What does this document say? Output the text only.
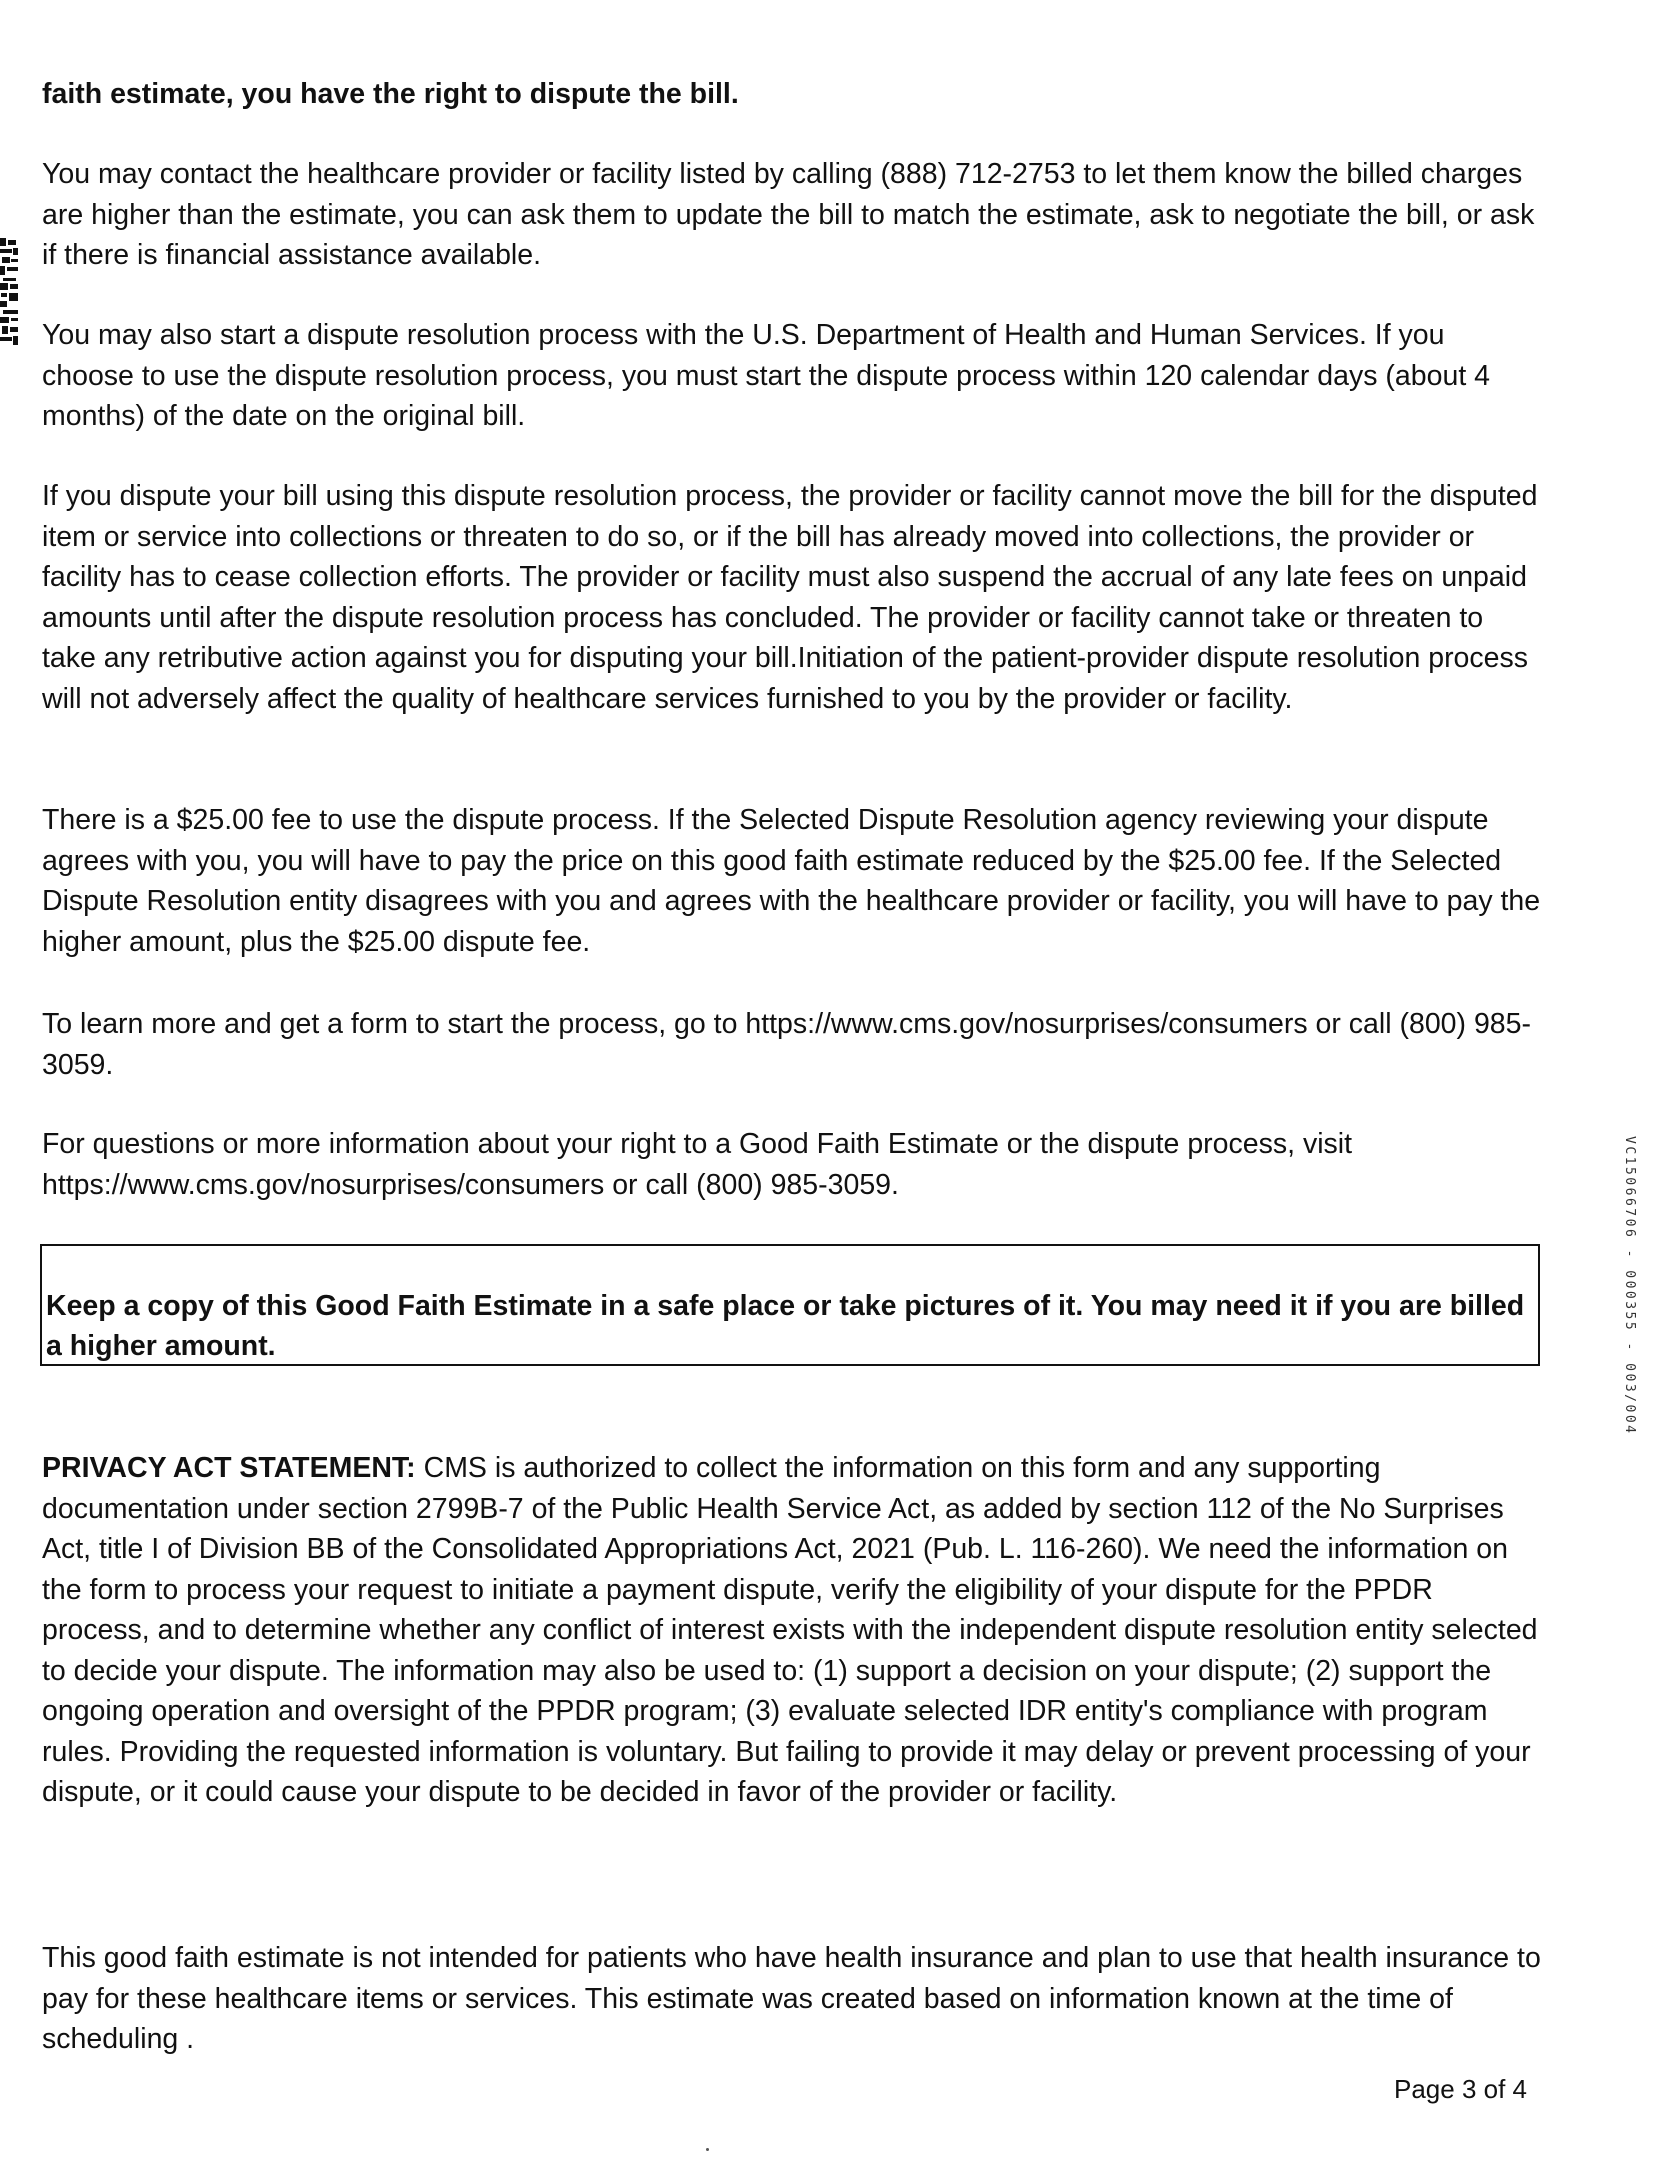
faith estimate, you have the right to dispute the bill.

You may contact the healthcare provider or facility listed by calling (888) 712-2753 to let them know the billed charges are higher than the estimate, you can ask them to update the bill to match the estimate, ask to negotiate the bill, or ask if there is financial assistance available.

You may also start a dispute resolution process with the U.S. Department of Health and Human Services. If you choose to use the dispute resolution process, you must start the dispute process within 120 calendar days (about 4 months) of the date on the original bill.

If you dispute your bill using this dispute resolution process, the provider or facility cannot move the bill for the disputed item or service into collections or threaten to do so, or if the bill has already moved into collections, the provider or facility has to cease collection efforts. The provider or facility must also suspend the accrual of any late fees on unpaid amounts until after the dispute resolution process has concluded. The provider or facility cannot take or threaten to take any retributive action against you for disputing your bill.Initiation of the patient-provider dispute resolution process will not adversely affect the quality of healthcare services furnished to you by the provider or facility.

There is a $25.00 fee to use the dispute process. If the Selected Dispute Resolution agency reviewing your dispute agrees with you, you will have to pay the price on this good faith estimate reduced by the $25.00 fee. If the Selected Dispute Resolution entity disagrees with you and agrees with the healthcare provider or facility, you will have to pay the higher amount, plus the $25.00 dispute fee.

To learn more and get a form to start the process, go to https://www.cms.gov/nosurprises/consumers or call (800) 985-3059.

For questions or more information about your right to a Good Faith Estimate or the dispute process, visit https://www.cms.gov/nosurprises/consumers or call (800) 985-3059.

Keep a copy of this Good Faith Estimate in a safe place or take pictures of it. You may need it if you are billed a higher amount.

PRIVACY ACT STATEMENT: CMS is authorized to collect the information on this form and any supporting documentation under section 2799B-7 of the Public Health Service Act, as added by section 112 of the No Surprises Act, title I of Division BB of the Consolidated Appropriations Act, 2021 (Pub. L. 116-260). We need the information on the form to process your request to initiate a payment dispute, verify the eligibility of your dispute for the PPDR process, and to determine whether any conflict of interest exists with the independent dispute resolution entity selected to decide your dispute. The information may also be used to: (1) support a decision on your dispute; (2) support the ongoing operation and oversight of the PPDR program; (3) evaluate selected IDR entity's compliance with program rules. Providing the requested information is voluntary. But failing to provide it may delay or prevent processing of your dispute, or it could cause your dispute to be decided in favor of the provider or facility.

This good faith estimate is not intended for patients who have health insurance and plan to use that health insurance to pay for these healthcare items or services. This estimate was created based on information known at the time of scheduling .

Page 3 of 4

VC15066706 - 000355 - 003/004
